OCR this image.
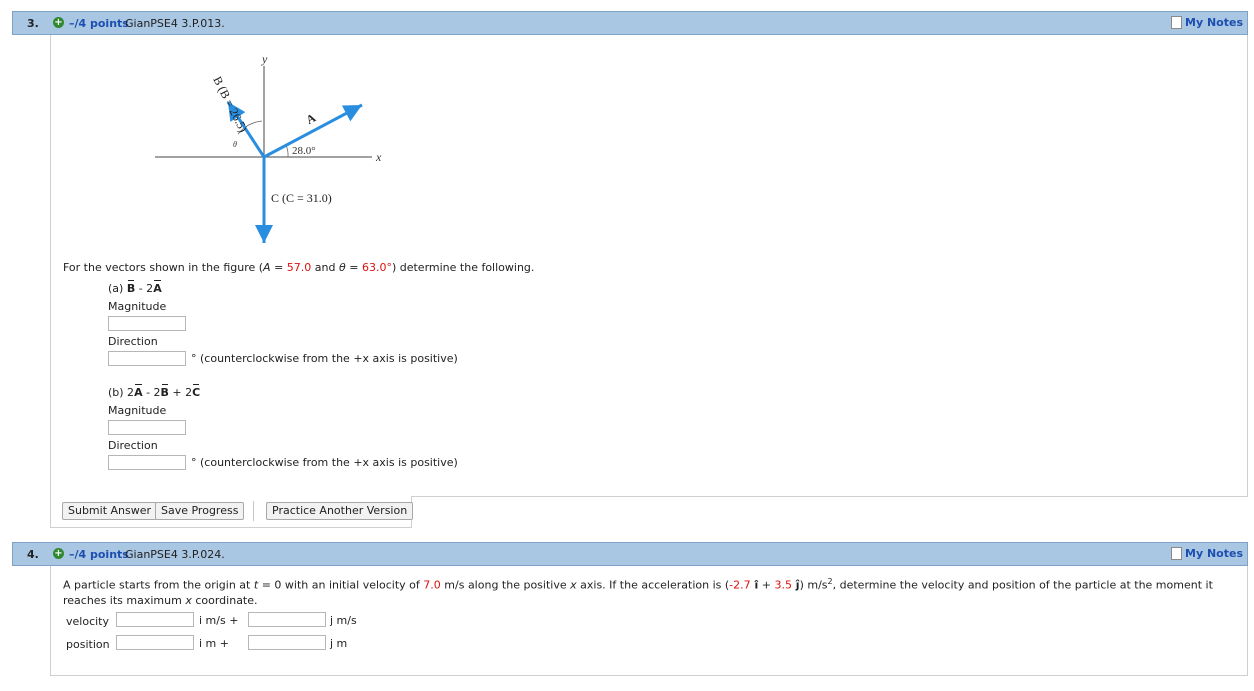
3. + –/4 points
GianPSE4 3.P.013.	My Notes
y
x
θ
28.0°
A
B (B = 26.5)
C (C = 31.0)
For the vectors shown in the figure (A = 57.0 and θ = 63.0°) determine the following.
(a) B - 2A
Magnitude
Direction
° (counterclockwise from the +x axis is positive)
(b) 2A - 2B + 2C
Magnitude
Direction
° (counterclockwise from the +x axis is positive)
Submit Answer Save Progress	Practice Another Version
4. + –/4 points
GianPSE4 3.P.024.	My Notes
A particle starts from the origin at t = 0 with an initial velocity of 7.0 m/s along the positive x axis. If the acceleration is (-2.7 î + 3.5 ĵ) $m/s^2$, determine the velocity and position of the particle at the moment it
reaches its maximum x coordinate.
velocity	i m/s +	j m/s
position	i m +	j m
